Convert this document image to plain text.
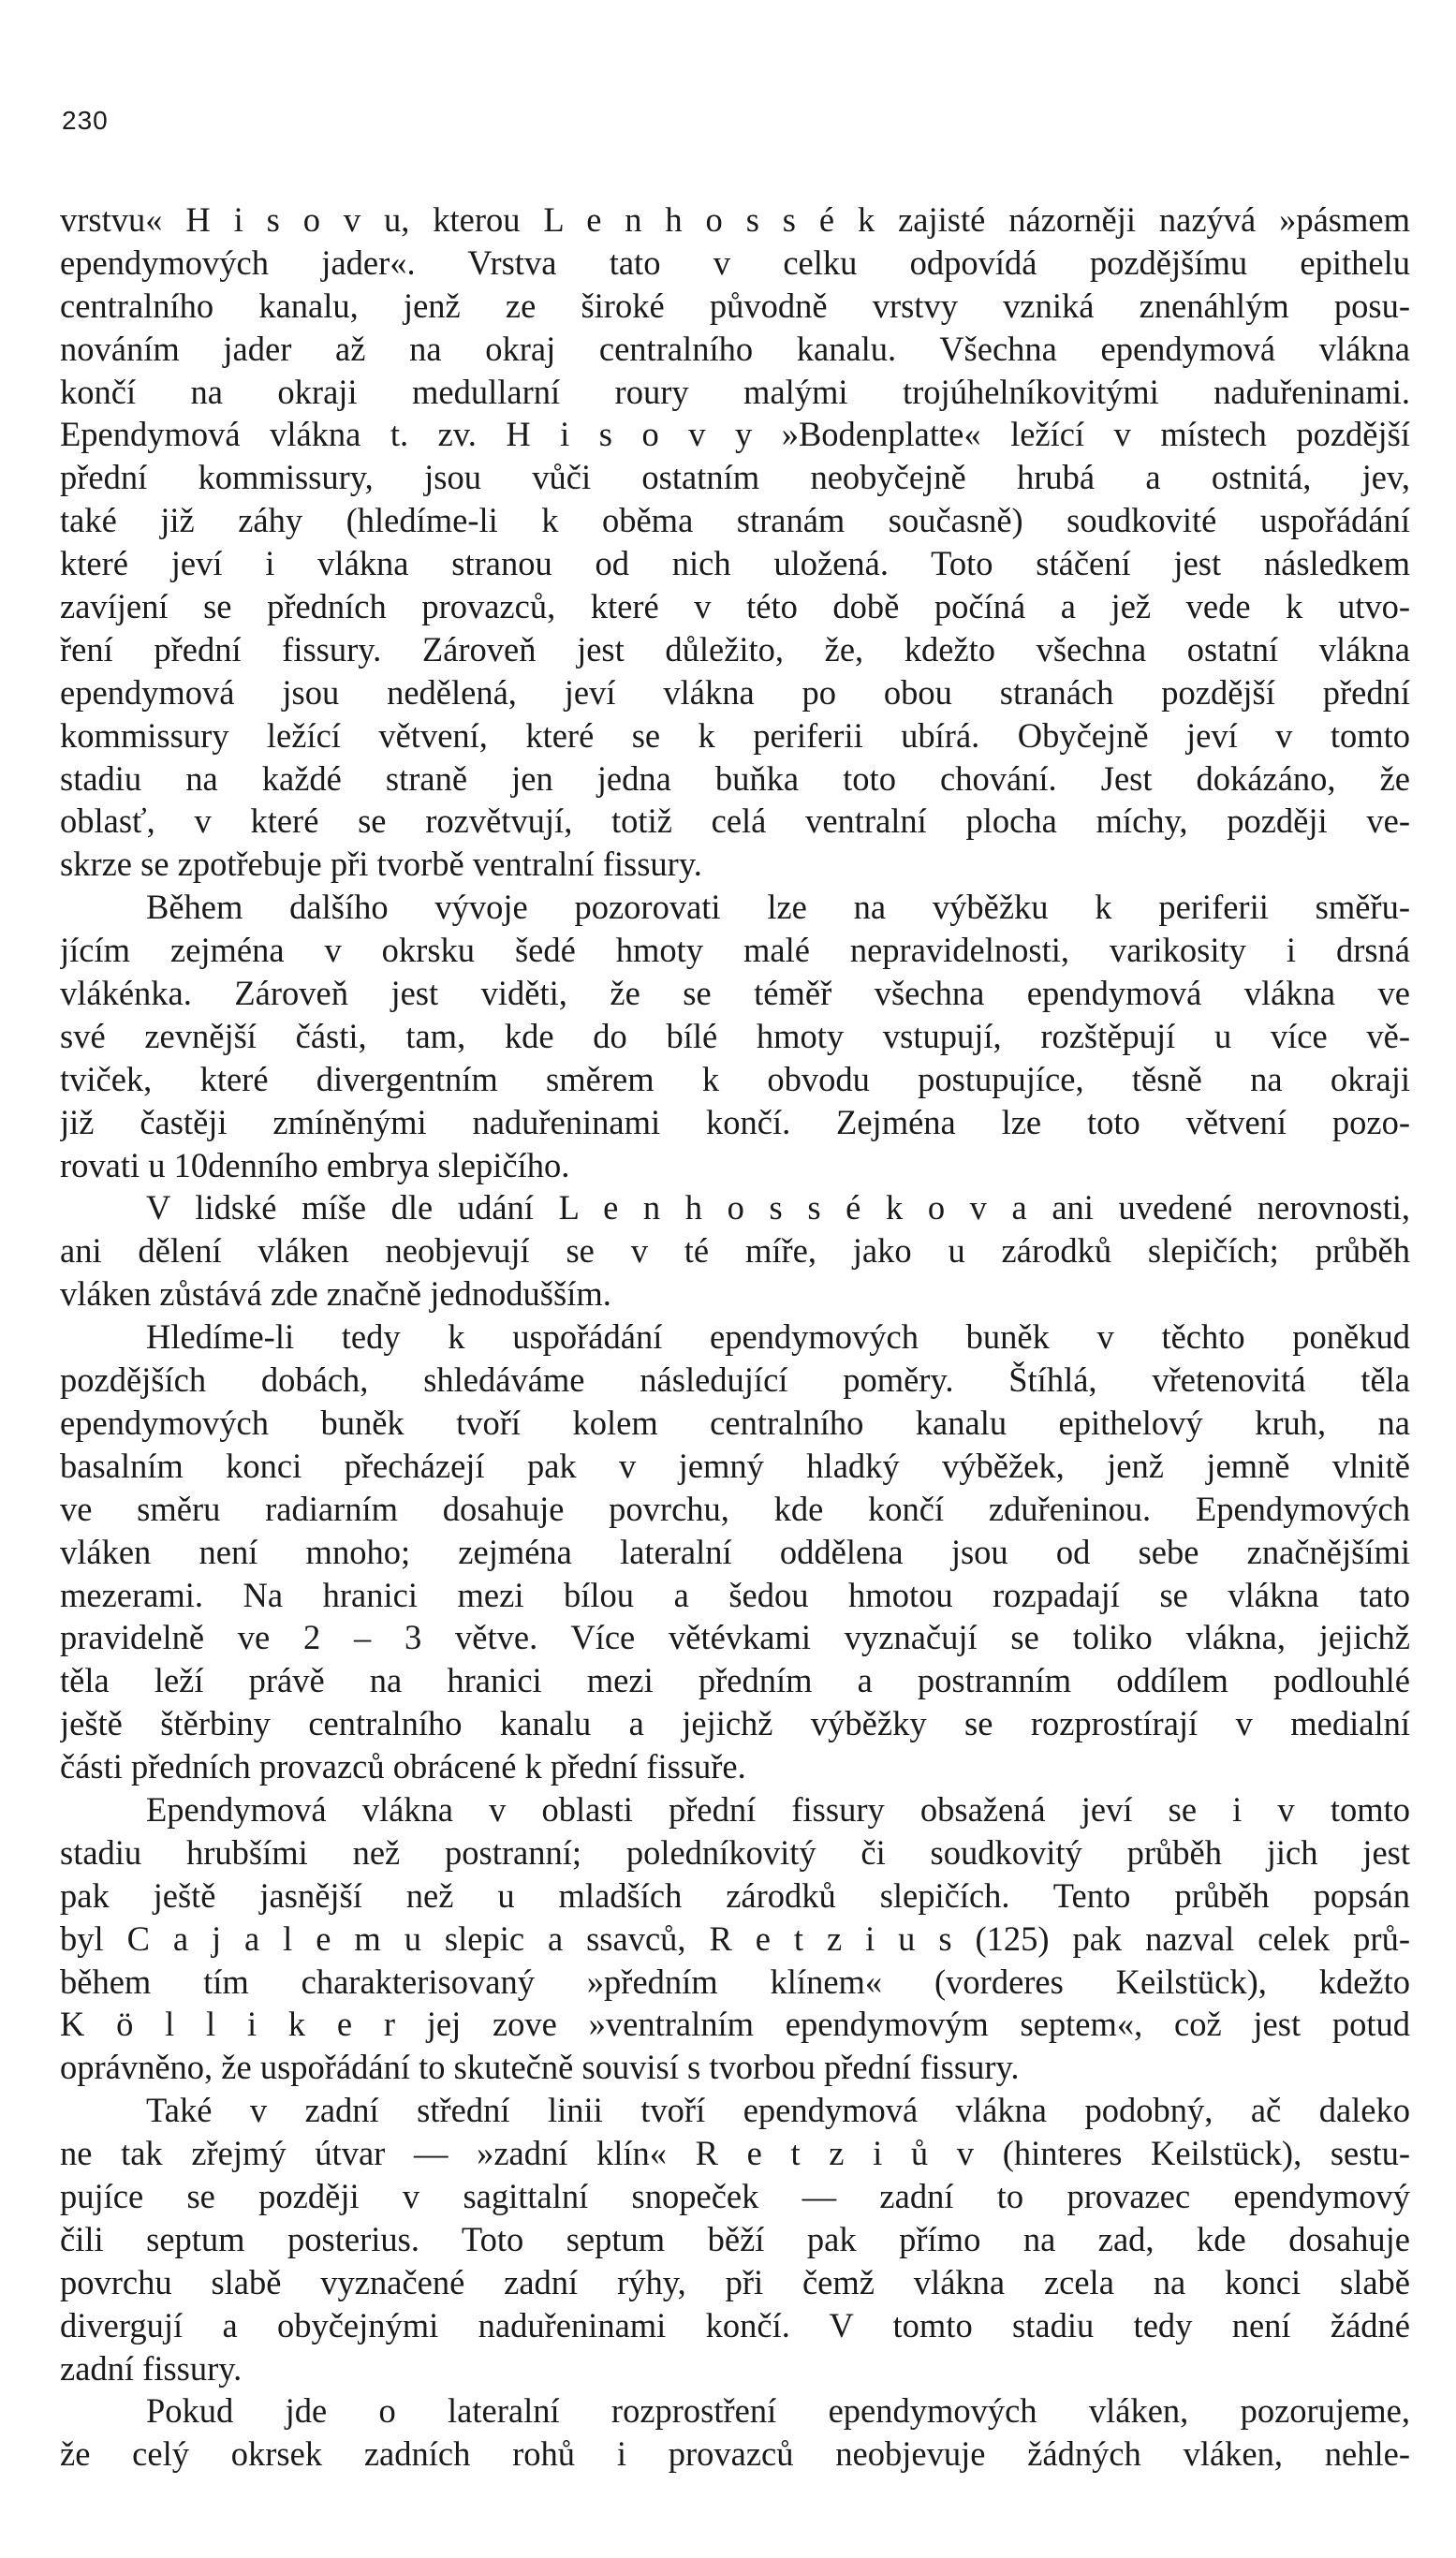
230
vrstvu« H i s o v u, kterou L e n h o s s é k zajisté názorněji nazývá »pásmem
ependymových jader«. Vrstva tato v celku odpovídá pozdějšímu epithelu
centralního kanalu, jenž ze široké původně vrstvy vzniká znenáhlým posu-
nováním jader až na okraj centralního kanalu. Všechna ependymová vlákna
končí na okraji medullarní roury malými trojúhelníkovitými naduřeninami.
Ependymová vlákna t. zv. H i s o v y »Bodenplatte« ležící v místech pozdější
přední kommissury, jsou vůči ostatním neobyčejně hrubá a ostnitá, jev,
také již záhy (hledíme-li k oběma stranám současně) soudkovité uspořádání
které jeví i vlákna stranou od nich uložená. Toto stáčení jest následkem
zavíjení se předních provazců, které v této době počíná a jež vede k utvo-
ření přední fissury. Zároveň jest důležito, že, kdežto všechna ostatní vlákna
ependymová jsou nedělená, jeví vlákna po obou stranách pozdější přední
kommissury ležící větvení, které se k periferii ubírá. Obyčejně jeví v tomto
stadiu na každé straně jen jedna buňka toto chování. Jest dokázáno, že
oblasť, v které se rozvětvují, totiž celá ventralní plocha míchy, později ve-
skrze se zpotřebuje při tvorbě ventralní fissury.
Během dalšího vývoje pozorovati lze na výběžku k periferii směřu-
jícím zejména v okrsku šedé hmoty malé nepravidelnosti, varikosity i drsná
vlákénka. Zároveň jest viděti, že se téměř všechna ependymová vlákna ve
své zevnější části, tam, kde do bílé hmoty vstupují, rozštěpují u více vě-
tviček, které divergentním směrem k obvodu postupujíce, těsně na okraji
již častěji zmíněnými naduřeninami končí. Zejména lze toto větvení pozo-
rovati u 10denního embrya slepičího.
V lidské míše dle udání L e n h o s s é k o v a ani uvedené nerovnosti,
ani dělení vláken neobjevují se v té míře, jako u zárodků slepičích; průběh
vláken zůstává zde značně jednodušším.
Hledíme-li tedy k uspořádání ependymových buněk v těchto poněkud
pozdějších dobách, shledáváme následující poměry. Štíhlá, vřetenovitá těla
ependymových buněk tvoří kolem centralního kanalu epithelový kruh, na
basalním konci přecházejí pak v jemný hladký výběžek, jenž jemně vlnitě
ve směru radiarním dosahuje povrchu, kde končí zduřeninou. Ependymových
vláken není mnoho; zejména lateralní oddělena jsou od sebe značnějšími
mezerami. Na hranici mezi bílou a šedou hmotou rozpadají se vlákna tato
pravidelně ve 2 – 3 větve. Více větévkami vyznačují se toliko vlákna, jejichž
těla leží právě na hranici mezi předním a postranním oddílem podlouhlé
ještě štěrbiny centralního kanalu a jejichž výběžky se rozprostírají v medialní
části předních provazců obrácené k přední fissuře.
Ependymová vlákna v oblasti přední fissury obsažená jeví se i v tomto
stadiu hrubšími než postranní; poledníkovitý či soudkovitý průběh jich jest
pak ještě jasnější než u mladších zárodků slepičích. Tento průběh popsán
byl C a j a l e m u slepic a ssavců, R e t z i u s (125) pak nazval celek prů-
během tím charakterisovaný »předním klínem« (vorderes Keilstück), kdežto
K ö l l i k e r jej zove »ventralním ependymovým septem«, což jest potud
oprávněno, že uspořádání to skutečně souvisí s tvorbou přední fissury.
Také v zadní střední linii tvoří ependymová vlákna podobný, ač daleko
ne tak zřejmý útvar — »zadní klín« R e t z i ů v (hinteres Keilstück), sestu-
pujíce se později v sagittalní snopeček — zadní to provazec ependymový
čili septum posterius. Toto septum běží pak přímo na zad, kde dosahuje
povrchu slabě vyznačené zadní rýhy, při čemž vlákna zcela na konci slabě
divergují a obyčejnými naduřeninami končí. V tomto stadiu tedy není žádné
zadní fissury.
Pokud jde o lateralní rozprostření ependymových vláken, pozorujeme,
že celý okrsek zadních rohů i provazců neobjevuje žádných vláken, nehle-
